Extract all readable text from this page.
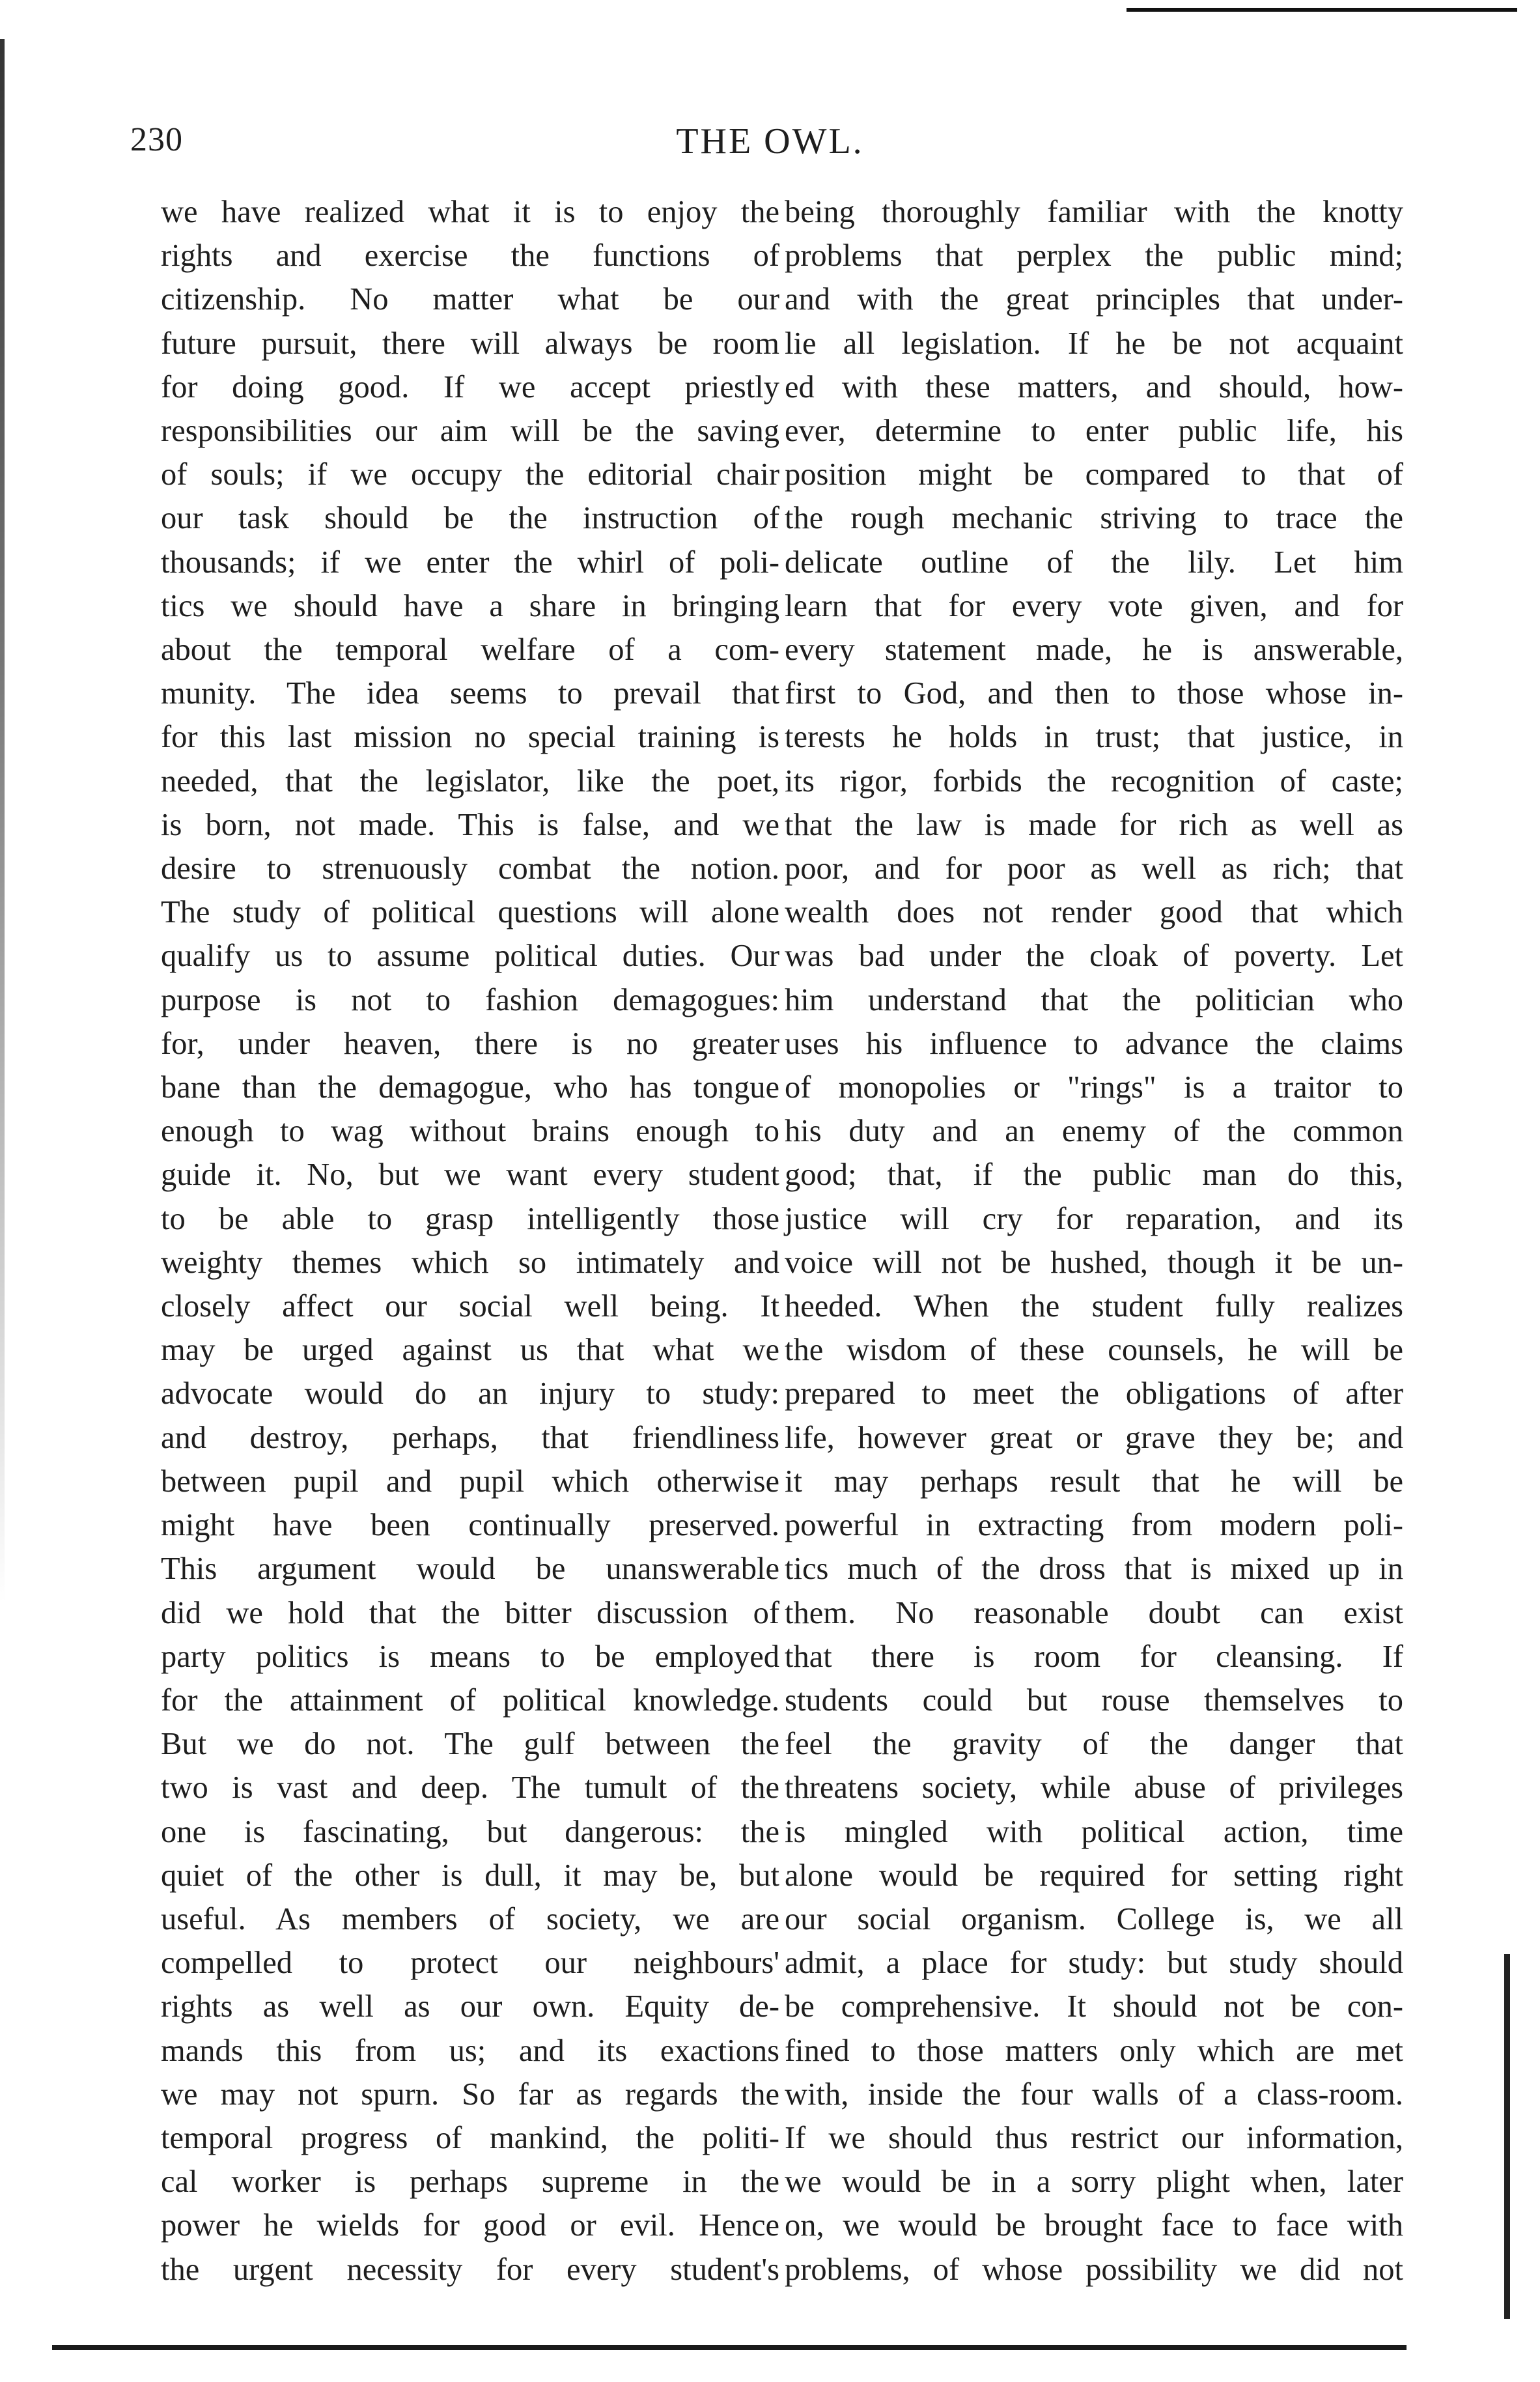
230	THE OWL.
we have realized what it is to enjoy the
rights and exercise the functions of
citizenship. No matter what be our
future pursuit, there will always be room
for doing good. If we accept priestly
responsibilities our aim will be the saving
of souls; if we occupy the editorial chair
our task should be the instruction of
thousands; if we enter the whirl of poli-
tics we should have a share in bringing
about the temporal welfare of a com-
munity. The idea seems to prevail that
for this last mission no special training is
needed, that the legislator, like the poet,
is born, not made. This is false, and we
desire to strenuously combat the notion.
The study of political questions will alone
qualify us to assume political duties. Our
purpose is not to fashion demagogues:
for, under heaven, there is no greater
bane than the demagogue, who has tongue
enough to wag without brains enough to
guide it. No, but we want every student
to be able to grasp intelligently those
weighty themes which so intimately and
closely affect our social well being. It
may be urged against us that what we
advocate would do an injury to study:
and destroy, perhaps, that friendliness
between pupil and pupil which otherwise
might have been continually preserved.
This argument would be unanswerable
did we hold that the bitter discussion of
party politics is means to be employed
for the attainment of political knowledge.
But we do not. The gulf between the
two is vast and deep. The tumult of the
one is fascinating, but dangerous: the
quiet of the other is dull, it may be, but
useful. As members of society, we are
compelled to protect our neighbours'
rights as well as our own. Equity de-
mands this from us; and its exactions
we may not spurn. So far as regards the
temporal progress of mankind, the politi-
cal worker is perhaps supreme in the
power he wields for good or evil. Hence
the urgent necessity for every student's
being thoroughly familiar with the knotty
problems that perplex the public mind;
and with the great principles that under-
lie all legislation. If he be not acquaint
ed with these matters, and should, how-
ever, determine to enter public life, his
position might be compared to that of
the rough mechanic striving to trace the
delicate outline of the lily. Let him
learn that for every vote given, and for
every statement made, he is answerable,
first to God, and then to those whose in-
terests he holds in trust; that justice, in
its rigor, forbids the recognition of caste;
that the law is made for rich as well as
poor, and for poor as well as rich; that
wealth does not render good that which
was bad under the cloak of poverty. Let
him understand that the politician who
uses his influence to advance the claims
of monopolies or "rings" is a traitor to
his duty and an enemy of the common
good; that, if the public man do this,
justice will cry for reparation, and its
voice will not be hushed, though it be un-
heeded. When the student fully realizes
the wisdom of these counsels, he will be
prepared to meet the obligations of after
life, however great or grave they be; and
it may perhaps result that he will be
powerful in extracting from modern poli-
tics much of the dross that is mixed up in
them. No reasonable doubt can exist
that there is room for cleansing. If
students could but rouse themselves to
feel the gravity of the danger that
threatens society, while abuse of privileges
is mingled with political action, time
alone would be required for setting right
our social organism. College is, we all
admit, a place for study: but study should
be comprehensive. It should not be con-
fined to those matters only which are met
with, inside the four walls of a class-room.
If we should thus restrict our information,
we would be in a sorry plight when, later
on, we would be brought face to face with
problems, of whose possibility we did not
